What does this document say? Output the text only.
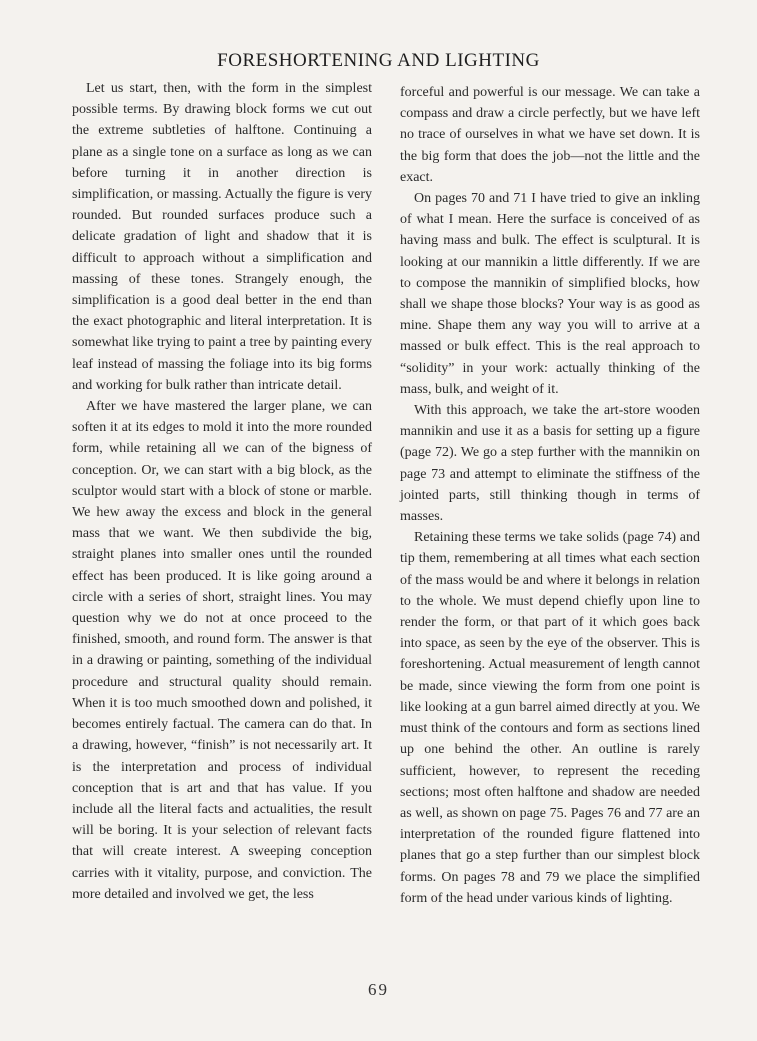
FORESHORTENING AND LIGHTING

Let us start, then, with the form in the simplest possible terms. By drawing block forms we cut out the extreme subtleties of halftone. Continuing a plane as a single tone on a surface as long as we can before turning it in another direction is simplification, or massing. Actually the figure is very rounded. But rounded surfaces produce such a delicate gradation of light and shadow that it is difficult to approach without a simplification and massing of these tones. Strangely enough, the simplification is a good deal better in the end than the exact photographic and literal interpretation. It is somewhat like trying to paint a tree by painting every leaf instead of massing the foliage into its big forms and working for bulk rather than intricate detail.

After we have mastered the larger plane, we can soften it at its edges to mold it into the more rounded form, while retaining all we can of the bigness of conception. Or, we can start with a big block, as the sculptor would start with a block of stone or marble. We hew away the excess and block in the general mass that we want. We then subdivide the big, straight planes into smaller ones until the rounded effect has been produced. It is like going around a circle with a series of short, straight lines. You may question why we do not at once proceed to the finished, smooth, and round form. The answer is that in a drawing or painting, something of the individual procedure and structural quality should remain. When it is too much smoothed down and polished, it becomes entirely factual. The camera can do that. In a drawing, however, “finish” is not necessarily art. It is the interpretation and process of individual conception that is art and that has value. If you include all the literal facts and actualities, the result will be boring. It is your selection of relevant facts that will create interest. A sweeping conception carries with it vitality, purpose, and conviction. The more detailed and involved we get, the less

forceful and powerful is our message. We can take a compass and draw a circle perfectly, but we have left no trace of ourselves in what we have set down. It is the big form that does the job—not the little and the exact.

On pages 70 and 71 I have tried to give an inkling of what I mean. Here the surface is conceived of as having mass and bulk. The effect is sculptural. It is looking at our mannikin a little differently. If we are to compose the mannikin of simplified blocks, how shall we shape those blocks? Your way is as good as mine. Shape them any way you will to arrive at a massed or bulk effect. This is the real approach to “solidity” in your work: actually thinking of the mass, bulk, and weight of it.

With this approach, we take the art-store wooden mannikin and use it as a basis for setting up a figure (page 72). We go a step further with the mannikin on page 73 and attempt to eliminate the stiffness of the jointed parts, still thinking though in terms of masses.

Retaining these terms we take solids (page 74) and tip them, remembering at all times what each section of the mass would be and where it belongs in relation to the whole. We must depend chiefly upon line to render the form, or that part of it which goes back into space, as seen by the eye of the observer. This is foreshortening. Actual measurement of length cannot be made, since viewing the form from one point is like looking at a gun barrel aimed directly at you. We must think of the contours and form as sections lined up one behind the other. An outline is rarely sufficient, however, to represent the receding sections; most often halftone and shadow are needed as well, as shown on page 75. Pages 76 and 77 are an interpretation of the rounded figure flattened into planes that go a step further than our simplest block forms. On pages 78 and 79 we place the simplified form of the head under various kinds of lighting.

69
